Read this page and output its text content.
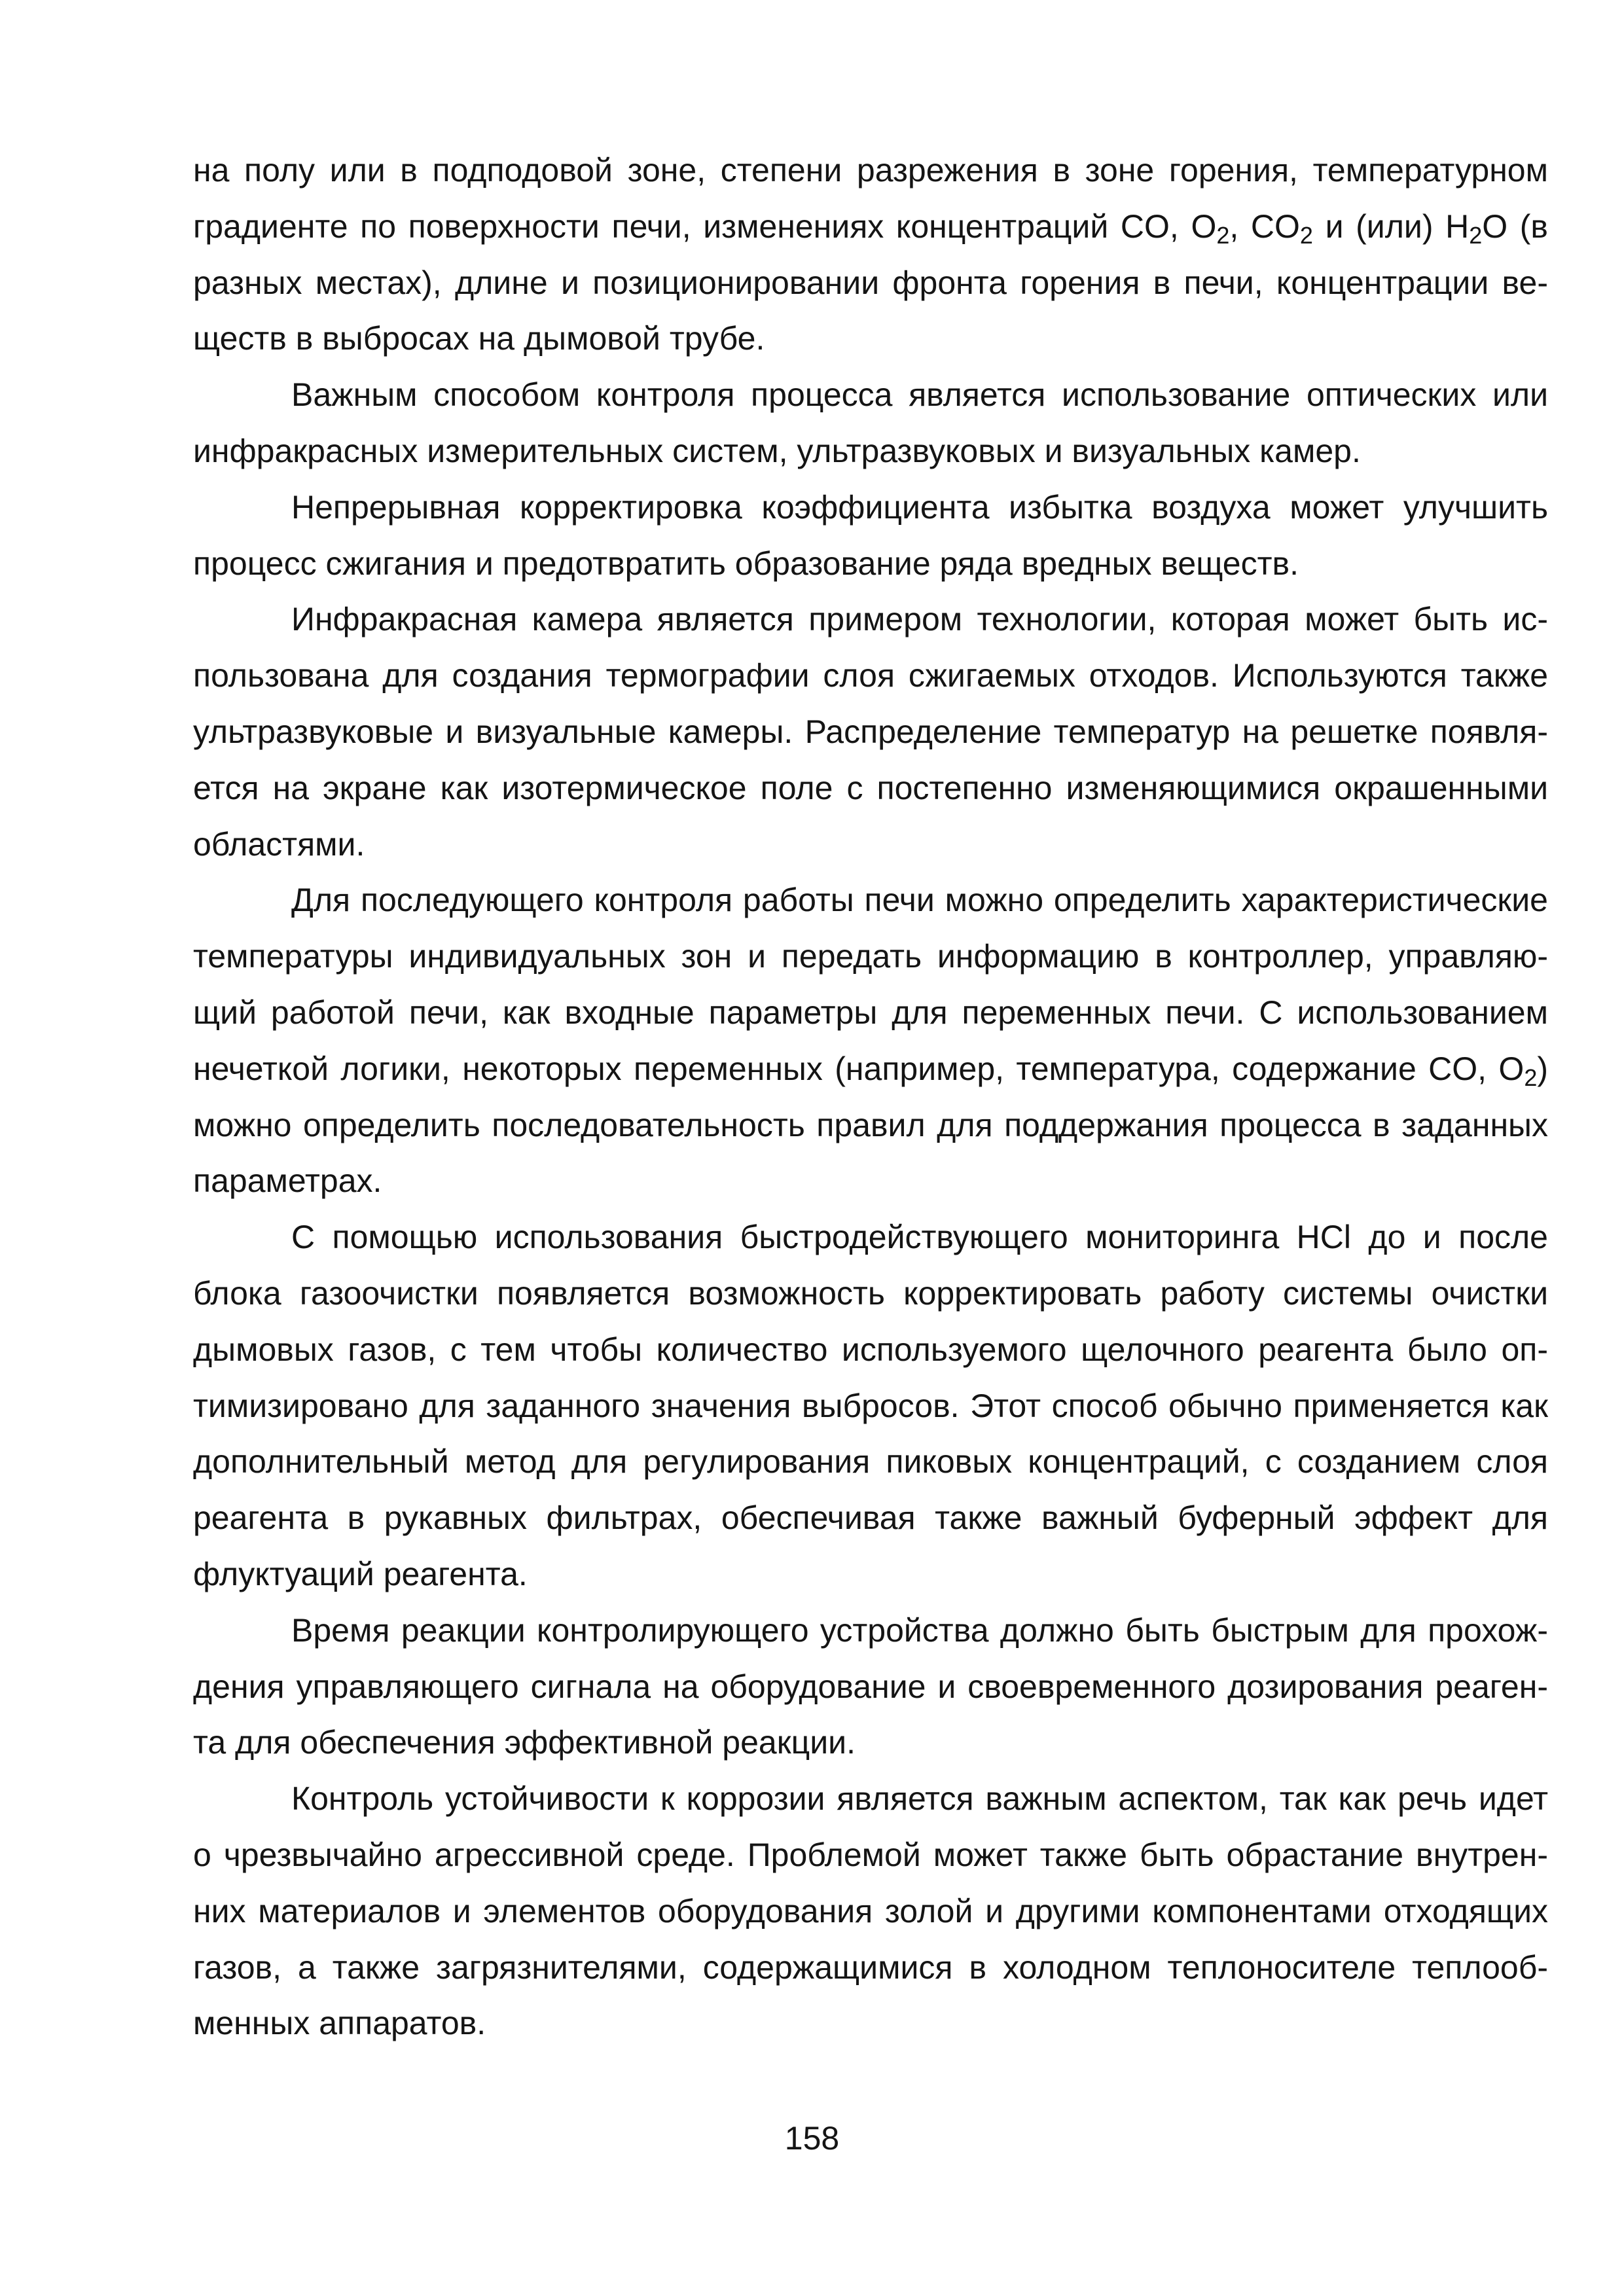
на полу или в подподовой зоне, степени разрежения в зоне горения, температурном градиенте по поверхности печи, изменениях концентраций CO, $O_2$, $CO_2$ и (или) $H_2O$ (в разных местах), длине и позиционировании фронта горения в печи, концентрации веществ в выбросах на дымовой трубе.

Важным способом контроля процесса является использование оптических или инфракрасных измерительных систем, ультразвуковых и визуальных камер.

Непрерывная корректировка коэффициента избытка воздуха может улучшить процесс сжигания и предотвратить образование ряда вредных веществ.

Инфракрасная камера является примером технологии, которая может быть использована для создания термографии слоя сжигаемых отходов. Используются также ультразвуковые и визуальные камеры. Распределение температур на решетке появляется на экране как изотермическое поле с постепенно изменяющимися окрашенными областями.

Для последующего контроля работы печи можно определить характеристические температуры индивидуальных зон и передать информацию в контроллер, управляющий работой печи, как входные параметры для переменных печи. С использованием нечеткой логики, некоторых переменных (например, температура, содержание CO, $O_2$) можно определить последовательность правил для поддержания процесса в заданных параметрах.

С помощью использования быстродействующего мониторинга HCl до и после блока газоочистки появляется возможность корректировать работу системы очистки дымовых газов, с тем чтобы количество используемого щелочного реагента было оптимизировано для заданного значения выбросов. Этот способ обычно применяется как дополнительный метод для регулирования пиковых концентраций, с созданием слоя реагента в рукавных фильтрах, обеспечивая также важный буферный эффект для флуктуаций реагента.

Время реакции контролирующего устройства должно быть быстрым для прохождения управляющего сигнала на оборудование и своевременного дозирования реагента для обеспечения эффективной реакции.

Контроль устойчивости к коррозии является важным аспектом, так как речь идет о чрезвычайно агрессивной среде. Проблемой может также быть обрастание внутренних материалов и элементов оборудования золой и другими компонентами отходящих газов, а также загрязнителями, содержащимися в холодном теплоносителе теплообменных аппаратов.

158
